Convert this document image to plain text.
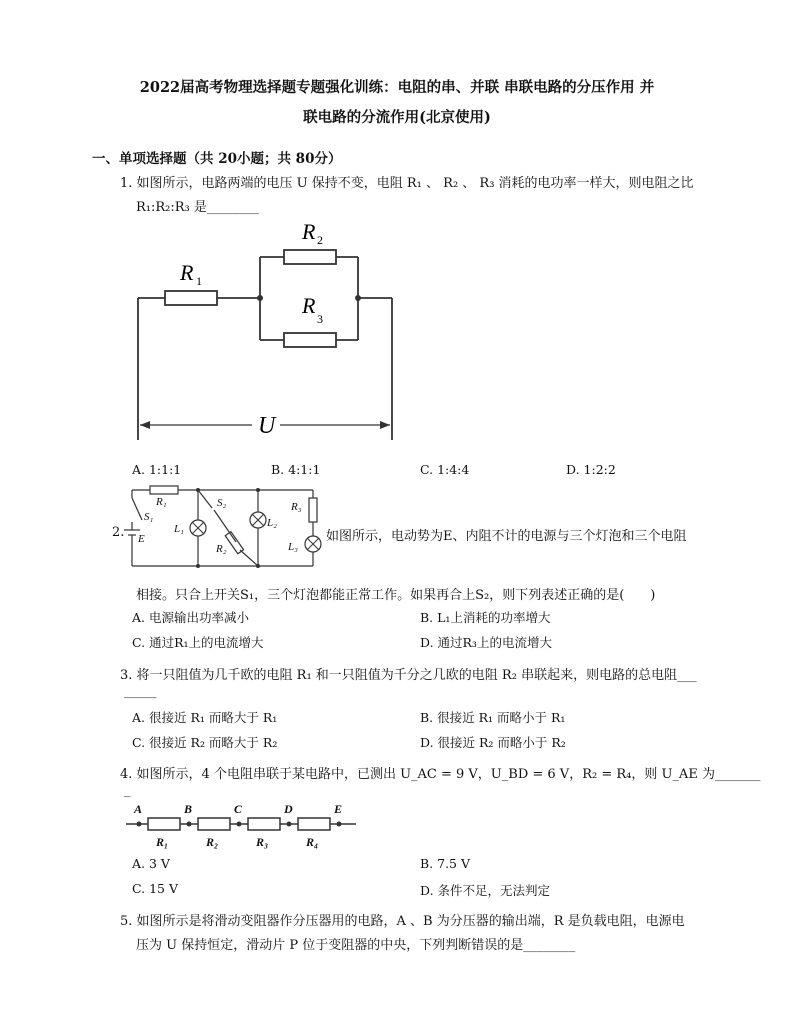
2022届高考物理选择题专题强化训练：电阻的串、并联 串联电路的分压作用 并
联电路的分流作用(北京使用)
一、单项选择题（共 20小题；共 80分）
1. 如图所示，电路两端的电压 U 保持不变，电阻 R₁ 、 R₂ 、 R₃ 消耗的电功率一样大，则电阻之比
R₁:R₂:R₃ 是________
R 1
R 2
R
3
U
A. 1:1:1	B. 4:1:1	C. 1:4:4	D. 1:2:2
2.
R₁
S₁
E
L₁
S₂
R₂
L₂
R₃
L₃
如图所示，电动势为E、内阻不计的电源与三个灯泡和三个电阻
相接。只合上开关S₁，三个灯泡都能正常工作。如果再合上S₂，则下列表述正确的是(　　)
A. 电源输出功率减小	B. L₁上消耗的功率增大
C. 通过R₁上的电流增大	D. 通过R₃上的电流增大
3. 将一只阻值为几千欧的电阻 R₁ 和一只阻值为千分之几欧的电阻 R₂ 串联起来，则电路的总电阻___
_____
A. 很接近 R₁ 而略大于 R₁	B. 很接近 R₁ 而略小于 R₁
C. 很接近 R₂ 而略大于 R₂	D. 很接近 R₂ 而略小于 R₂
4. 如图所示，4 个电阻串联于某电路中，已测出 U_AC = 9 V，U_BD = 6 V，R₂ = R₄，则 U_AE 为_______
_
A	B	C	D	E
R₁	R₂	R₃	R₄
A. 3 V	B. 7.5 V
C. 15 V	D. 条件不足，无法判定
5. 如图所示是将滑动变阻器作分压器用的电路，A 、B 为分压器的输出端，R 是负载电阻，电源电
压为 U 保持恒定，滑动片 P 位于变阻器的中央，下列判断错误的是________
